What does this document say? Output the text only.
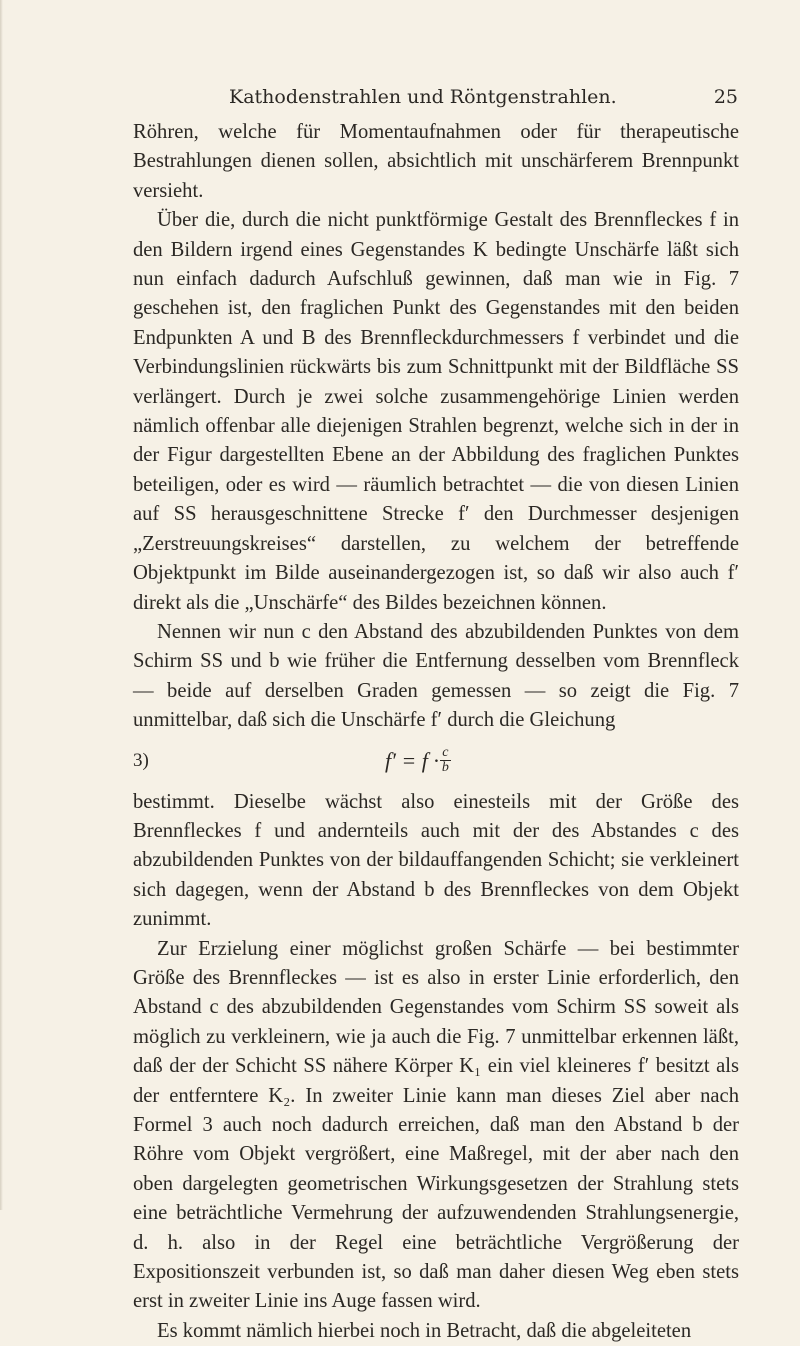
Kathodenstrahlen und Röntgenstrahlen.	25

Röhren, welche für Momentaufnahmen oder für therapeutische Bestrahlungen dienen sollen, absichtlich mit unschärferem Brennpunkt versieht.

Über die, durch die nicht punktförmige Gestalt des Brennfleckes f in den Bildern irgend eines Gegenstandes K bedingte Unschärfe läßt sich nun einfach dadurch Aufschluß gewinnen, daß man wie in Fig. 7 geschehen ist, den fraglichen Punkt des Gegenstandes mit den beiden Endpunkten A und B des Brennfleckdurchmessers f verbindet und die Verbindungslinien rückwärts bis zum Schnittpunkt mit der Bildfläche SS verlängert. Durch je zwei solche zusammengehörige Linien werden nämlich offenbar alle diejenigen Strahlen begrenzt, welche sich in der in der Figur dargestellten Ebene an der Abbildung des fraglichen Punktes beteiligen, oder es wird — räumlich betrachtet — die von diesen Linien auf SS herausgeschnittene Strecke f′ den Durchmesser desjenigen „Zerstreuungskreises“ darstellen, zu welchem der betreffende Objektpunkt im Bilde auseinandergezogen ist, so daß wir also auch f′ direkt als die „Unschärfe“ des Bildes bezeichnen können.

Nennen wir nun c den Abstand des abzubildenden Punktes von dem Schirm SS und b wie früher die Entfernung desselben vom Brennfleck — beide auf derselben Graden gemessen — so zeigt die Fig. 7 unmittelbar, daß sich die Unschärfe f′ durch die Gleichung

3)	$f' = f \cdot \frac{c}{b}$

bestimmt. Dieselbe wächst also einesteils mit der Größe des Brennfleckes f und andernteils auch mit der des Abstandes c des abzubildenden Punktes von der bildauffangenden Schicht; sie verkleinert sich dagegen, wenn der Abstand b des Brennfleckes von dem Objekt zunimmt.

Zur Erzielung einer möglichst großen Schärfe — bei bestimmter Größe des Brennfleckes — ist es also in erster Linie erforderlich, den Abstand c des abzubildenden Gegenstandes vom Schirm SS soweit als möglich zu verkleinern, wie ja auch die Fig. 7 unmittelbar erkennen läßt, daß der der Schicht SS nähere Körper K₁ ein viel kleineres f′ besitzt als der entferntere K₂. In zweiter Linie kann man dieses Ziel aber nach Formel 3 auch noch dadurch erreichen, daß man den Abstand b der Röhre vom Objekt vergrößert, eine Maßregel, mit der aber nach den oben dargelegten geometrischen Wirkungsgesetzen der Strahlung stets eine beträchtliche Vermehrung der aufzuwendenden Strahlungsenergie, d. h. also in der Regel eine beträchtliche Vergrößerung der Expositionszeit verbunden ist, so daß man daher diesen Weg eben stets erst in zweiter Linie ins Auge fassen wird.

Es kommt nämlich hierbei noch in Betracht, daß die abgeleiteten
